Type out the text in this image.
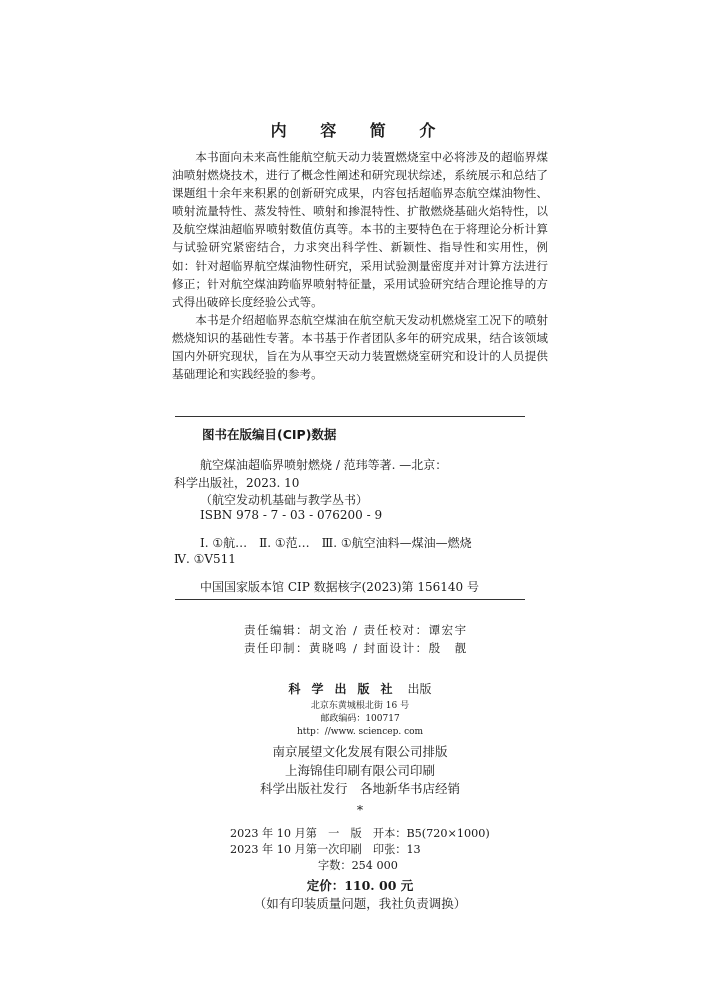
内 容 简 介

本书面向未来高性能航空航天动力装置燃烧室中必将涉及的超临界煤油喷射燃烧技术，进行了概念性阐述和研究现状综述，系统展示和总结了课题组十余年来积累的创新研究成果，内容包括超临界态航空煤油物性、喷射流量特性、蒸发特性、喷射和掺混特性、扩散燃烧基础火焰特性，以及航空煤油超临界喷射数值仿真等。本书的主要特色在于将理论分析计算与试验研究紧密结合，力求突出科学性、新颖性、指导性和实用性，例如：针对超临界航空煤油物性研究，采用试验测量密度并对计算方法进行修正；针对航空煤油跨临界喷射特征量，采用试验研究结合理论推导的方式得出破碎长度经验公式等。

本书是介绍超临界态航空煤油在航空航天发动机燃烧室工况下的喷射燃烧知识的基础性专著。本书基于作者团队多年的研究成果，结合该领域国内外研究现状，旨在为从事空天动力装置燃烧室研究和设计的人员提供基础理论和实践经验的参考。

图书在版编目(CIP)数据
航空煤油超临界喷射燃烧 / 范玮等著. —北京：
科学出版社，2023. 10
（航空发动机基础与教学丛书）
ISBN 978 - 7 - 03 - 076200 - 9
Ⅰ. ①航…　Ⅱ. ①范…　Ⅲ. ①航空油料—煤油—燃烧
Ⅳ. ①V511
中国国家版本馆 CIP 数据核字(2023)第 156140 号
责任编辑：胡文治 / 责任校对：谭宏宇
责任印制：黄晓鸣 / 封面设计：殷　靓
科学出版社 出版
北京东黄城根北街 16 号
邮政编码：100717
http：//www. sciencep. com
南京展望文化发展有限公司排版
上海锦佳印刷有限公司印刷
科学出版社发行　各地新华书店经销
*
2023 年 10 月第　一　版　开本：B5(720×1000)
2023 年 10 月第一次印刷　印张：13
字数：254 000
定价：110. 00 元
（如有印装质量问题，我社负责调换）
